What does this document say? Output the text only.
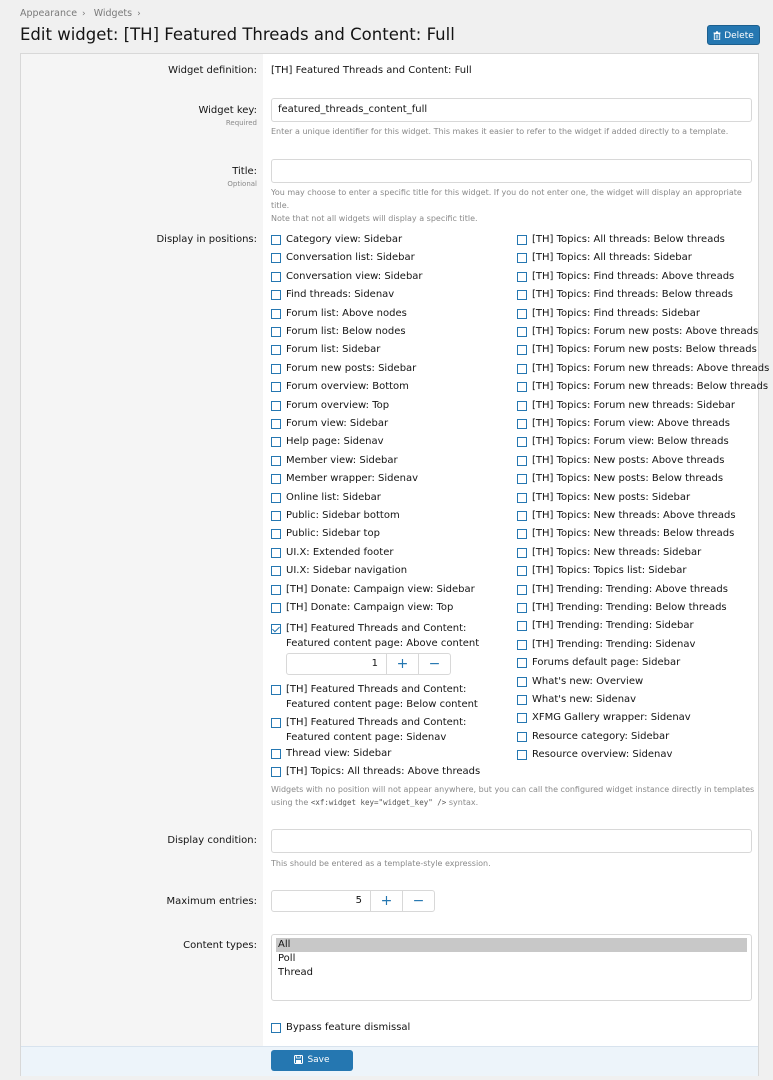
Appearance › Widgets ›
Edit widget: [TH] Featured Threads and Content: Full	Delete
Widget definition: [TH] Featured Threads and Content: Full
Widget key:
Required
featured_threads_content_full
Enter a unique identifier for this widget. This makes it easier to refer to the widget if added directly to a template.
Title:
Optional
You may choose to enter a specific title for this widget. If you do not enter one, the widget will display an appropriate title.
Note that not all widgets will display a specific title.
Display in positions:	Category view: Sidebar
Conversation list: Sidebar
Conversation view: Sidebar
Find threads: Sidenav
Forum list: Above nodes
Forum list: Below nodes
Forum list: Sidebar
Forum new posts: Sidebar
Forum overview: Bottom
Forum overview: Top
Forum view: Sidebar
Help page: Sidenav
Member view: Sidebar
Member wrapper: Sidenav
Online list: Sidebar
Public: Sidebar bottom
Public: Sidebar top
UI.X: Extended footer
UI.X: Sidebar navigation
[TH] Donate: Campaign view: Sidebar
[TH] Donate: Campaign view: Top
[TH] Featured Threads and Content: Featured content page: Above content
[TH] Featured Threads and Content: Featured content page: Below content
[TH] Featured Threads and Content: Featured content page: Sidenav
Thread view: Sidebar
[TH] Topics: All threads: Above threads
[TH] Topics: All threads: Below threads
[TH] Topics: All threads: Sidebar
[TH] Topics: Find threads: Above threads
[TH] Topics: Find threads: Below threads
[TH] Topics: Find threads: Sidebar
[TH] Topics: Forum new posts: Above threads
[TH] Topics: Forum new posts: Below threads
[TH] Topics: Forum new threads: Above threads
[TH] Topics: Forum new threads: Below threads
[TH] Topics: Forum new threads: Sidebar
[TH] Topics: Forum view: Above threads
[TH] Topics: Forum view: Below threads
[TH] Topics: New posts: Above threads
[TH] Topics: New posts: Below threads
[TH] Topics: New posts: Sidebar
[TH] Topics: New threads: Above threads
[TH] Topics: New threads: Below threads
[TH] Topics: New threads: Sidebar
[TH] Topics: Topics list: Sidebar
[TH] Trending: Trending: Above threads
[TH] Trending: Trending: Below threads
[TH] Trending: Trending: Sidebar
[TH] Trending: Trending: Sidenav
Forums default page: Sidebar
What's new: Overview
What's new: Sidenav
XFMG Gallery wrapper: Sidenav
Resource category: Sidebar
Resource overview: Sidenav
1	+	−
Widgets with no position will not appear anywhere, but you can call the configured widget instance directly in templates
using the <xf:widget key="widget_key" /> syntax.
Display condition:
This should be entered as a template-style expression.
Maximum entries:	5	+	−
Content types: All
Poll
Thread
Bypass feature dismissal
Save
